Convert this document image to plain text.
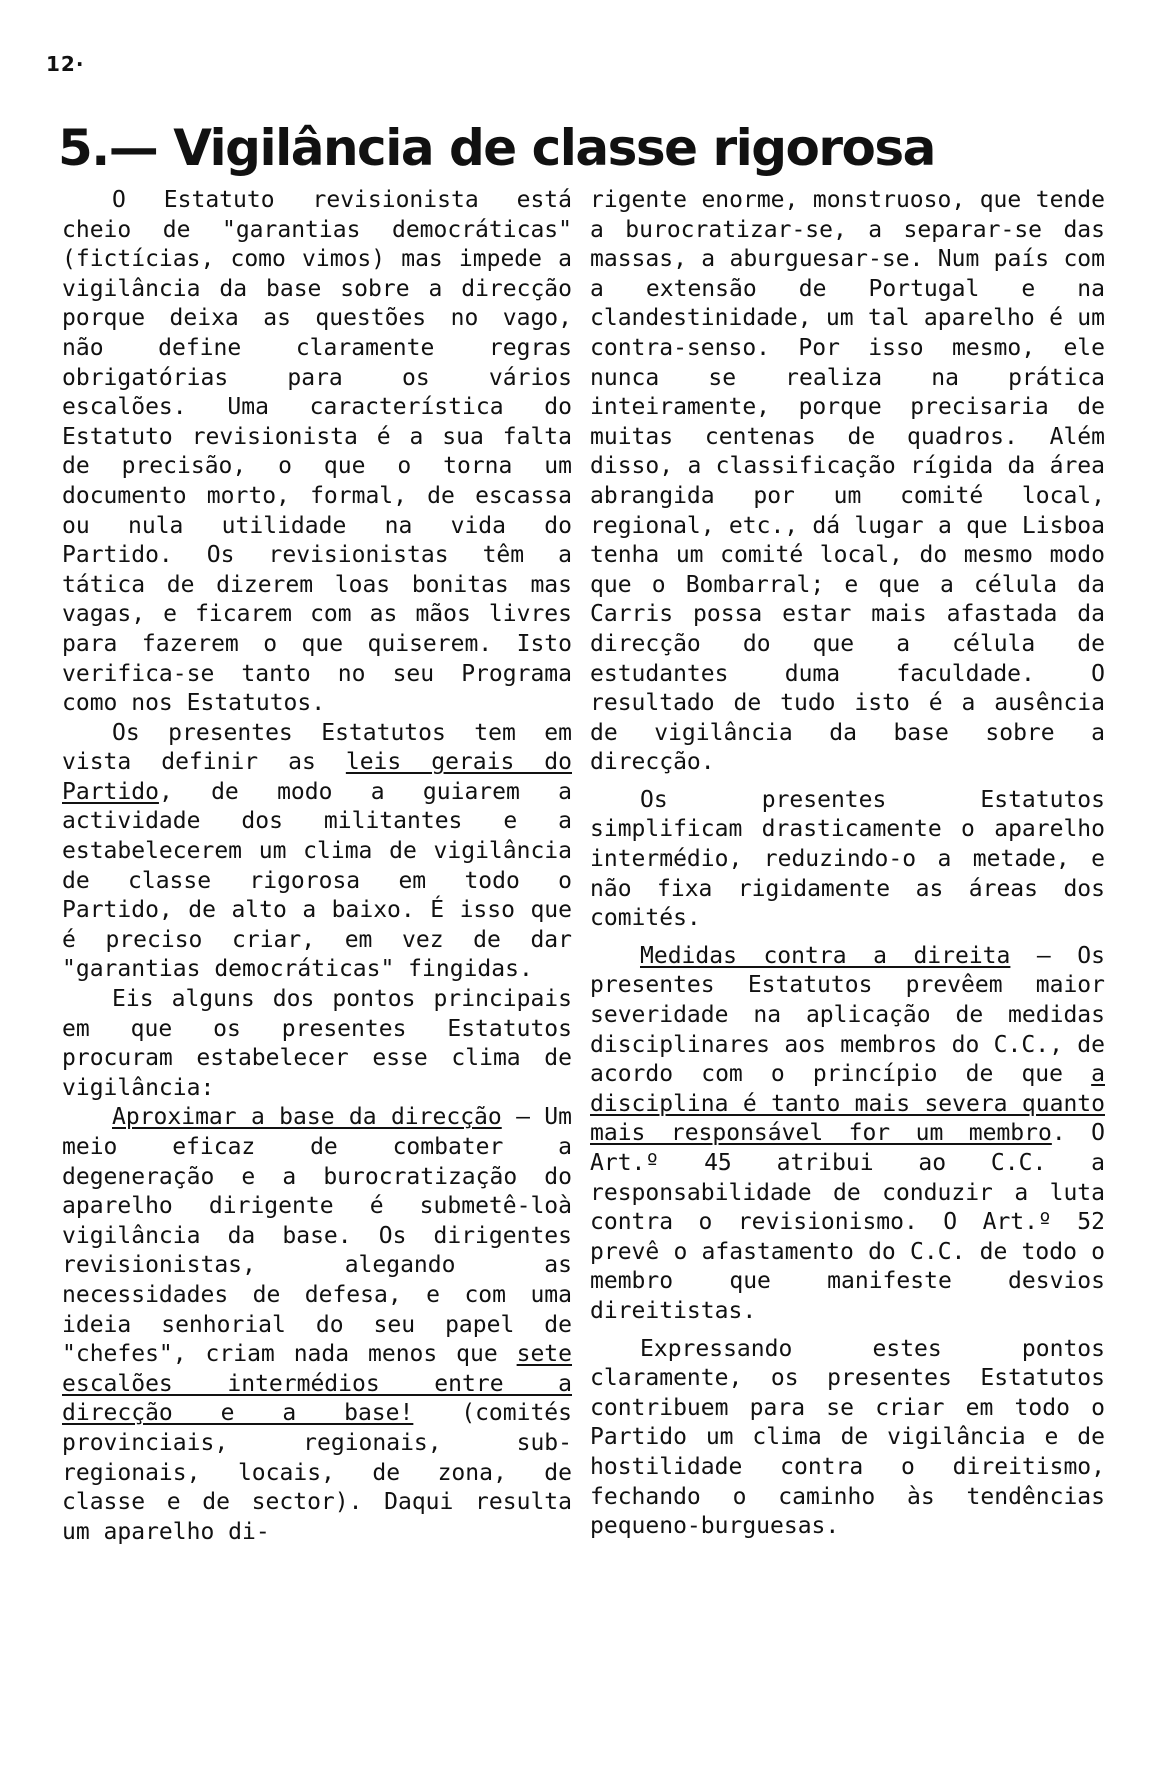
12·
5.— Vigilância de classe rigorosa

O Estatuto revisionista está cheio de "garantias democráticas" (fictícias, como vimos) mas impede a vigilância da base sobre a direcção porque deixa as questões no vago, não define claramente regras obrigatórias para os vários escalões. Uma característica do Estatuto revisionista é a sua falta de precisão, o que o torna um documento morto, formal, de escassa ou nula utilidade na vida do Partido. Os revisionistas têm a tática de dizerem loas bonitas mas vagas, e ficarem com as mãos livres para fazerem o que quiserem. Isto verifica-se tanto no seu Programa como nos Estatutos.

Os presentes Estatutos tem em vista definir as leis gerais do Partido, de modo a guiarem a actividade dos militantes e a estabelecerem um clima de vigilância de classe rigorosa em todo o Partido, de alto a baixo. É isso que é preciso criar, em vez de dar "garantias democráticas" fingidas.

Eis alguns dos pontos principais em que os presentes Estatutos procuram estabelecer esse clima de vigilância:

Aproximar a base da direcção — Um meio eficaz de combater a degeneração e a burocratização do aparelho dirigente é submetê-loà vigilância da base. Os dirigentes revisionistas, alegando as necessidades de defesa, e com uma ideia senhorial do seu papel de "chefes", criam nada menos que sete escalões intermédios entre a direcção e a base! (comités provinciais, regionais, sub-regionais, locais, de zona, de classe e de sector). Daqui resulta um aparelho di-

rigente enorme, monstruoso, que tende a burocratizar-se, a separar-se das massas, a aburguesar-se. Num país com a extensão de Portugal e na clandestinidade, um tal aparelho é um contra-senso. Por isso mesmo, ele nunca se realiza na prática inteiramente, porque precisaria de muitas centenas de quadros. Além disso, a classificação rígida da área abrangida por um comité local, regional, etc., dá lugar a que Lisboa tenha um comité local, do mesmo modo que o Bombarral; e que a célula da Carris possa estar mais afastada da direcção do que a célula de estudantes duma faculdade. O resultado de tudo isto é a ausência de vigilância da base sobre a direcção.

Os presentes Estatutos simplificam drasticamente o aparelho intermédio, reduzindo-o a metade, e não fixa rigidamente as áreas dos comités.

Medidas contra a direita — Os presentes Estatutos prevêem maior severidade na aplicação de medidas disciplinares aos membros do C.C., de acordo com o princípio de que a disciplina é tanto mais severa quanto mais responsável for um membro. O Art.º 45 atribui ao C.C. a responsabilidade de conduzir a luta contra o revisionismo. O Art.º 52 prevê o afastamento do C.C. de todo o membro que manifeste desvios direitistas.

Expressando estes pontos claramente, os presentes Estatutos contribuem para se criar em todo o Partido um clima de vigilância e de hostilidade contra o direitismo, fechando o caminho às tendências pequeno-burguesas.
